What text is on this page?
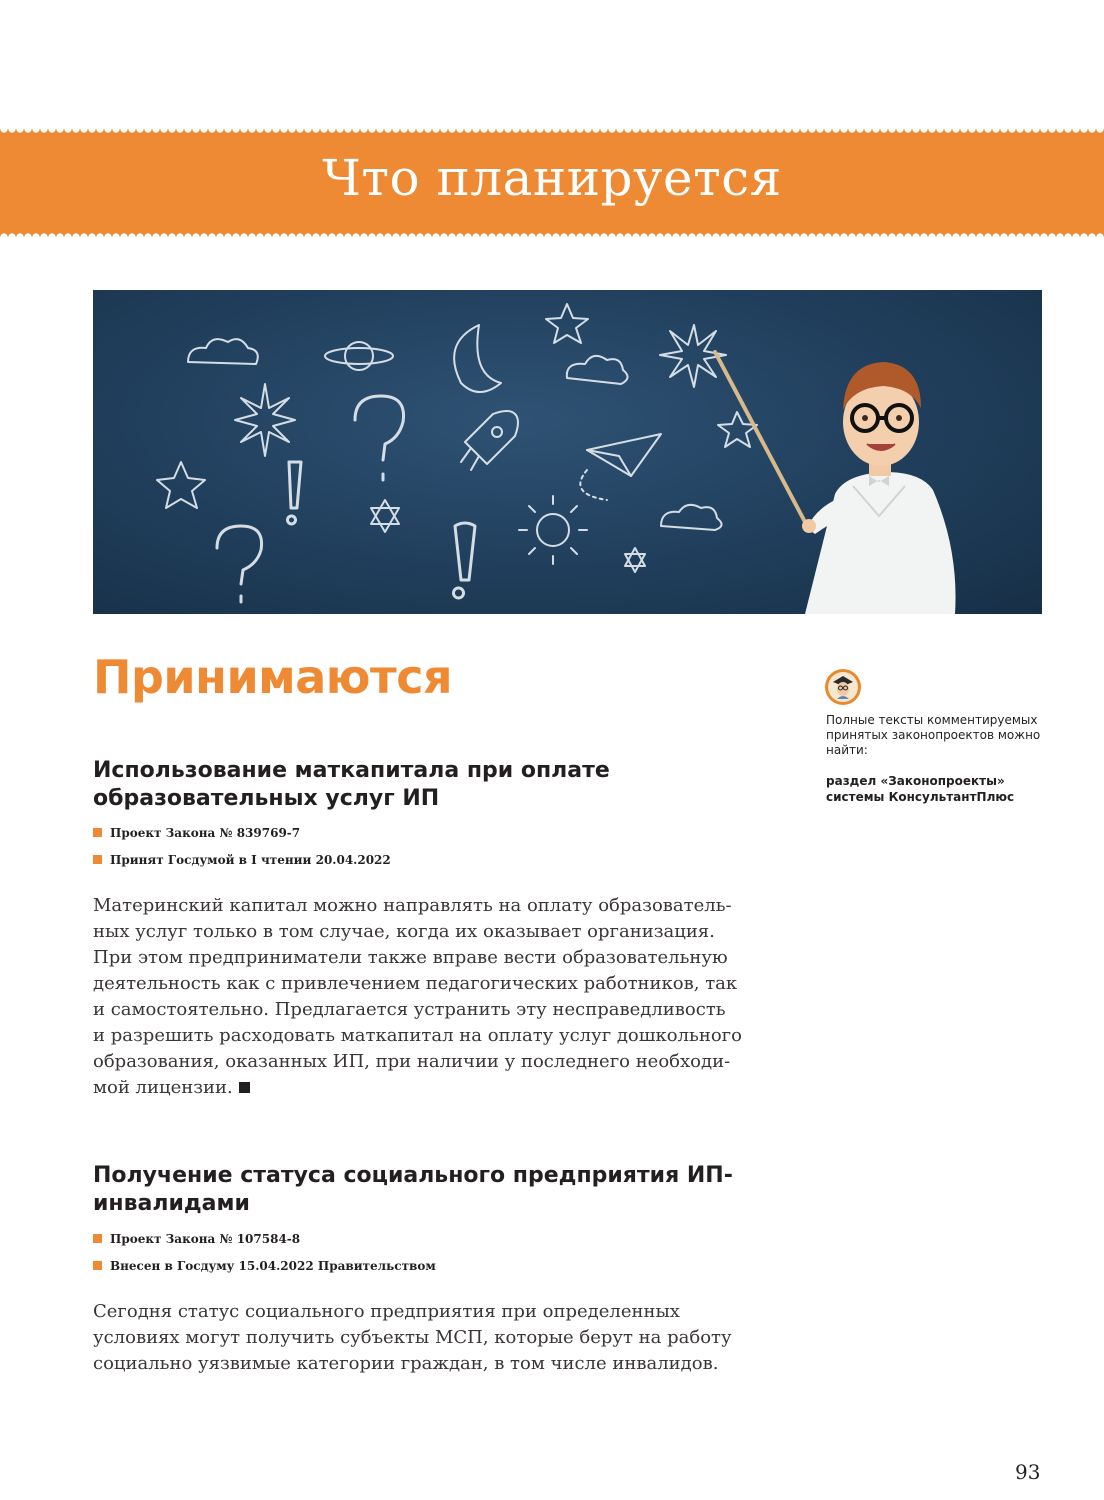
Что планируется
Принимаются

Полные тексты комментируемых принятых законопроектов можно найти:

раздел «Законопроекты» системы КонсультантПлюс

Использование маткапитала при оплате образовательных услуг ИП
Проект Закона № 839769-7
Принят Госдумой в I чтении 20.04.2022

Материнский капитал можно направлять на оплату образователь-
ных услуг только в том случае, когда их оказывает организация.
При этом предприниматели также вправе вести образовательную
деятельность как с привлечением педагогических работников, так
и самостоятельно. Предлагается устранить эту несправедливость
и разрешить расходовать маткапитал на оплату услуг дошкольного
образования, оказанных ИП, при наличии у последнего необходи-
мой лицензии.

Получение статуса социального предприятия ИП-инвалидами
Проект Закона № 107584-8
Внесен в Госдуму 15.04.2022 Правительством

Сегодня статус социального предприятия при определенных
условиях могут получить субъекты МСП, которые берут на работу
социально уязвимые категории граждан, в том числе инвалидов.

93
